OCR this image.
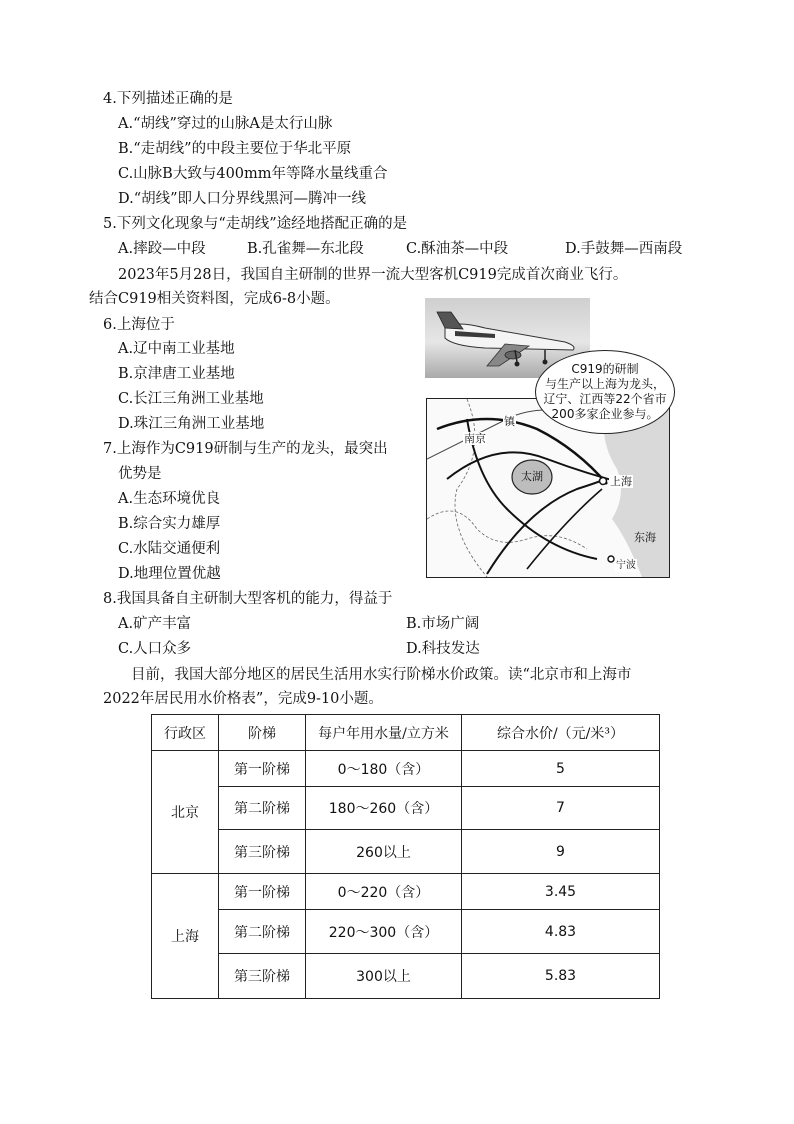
4.下列描述正确的是
A.“胡线”穿过的山脉A是太行山脉
B.“走胡线”的中段主要位于华北平原
C.山脉B大致与400mm年等降水量线重合
D.“胡线”即人口分界线黑河—腾冲一线
5.下列文化现象与“走胡线”途经地搭配正确的是
A.摔跤—中段	B.孔雀舞—东北段	C.酥油茶—中段	D.手鼓舞—西南段
2023年5月28日，我国自主研制的世界一流大型客机C919完成首次商业飞行。
结合C919相关资料图，完成6-8小题。
6.上海位于
A.辽中南工业基地
B.京津唐工业基地
C.长江三角洲工业基地
D.珠江三角洲工业基地
7.上海作为C919研制与生产的龙头，最突出
优势是
A.生态环境优良
B.综合实力雄厚
C.水陆交通便利
D.地理位置优越
8.我国具备自主研制大型客机的能力，得益于
A.矿产丰富	B.市场广阔
C.人口众多	D.科技发达
南京
镇
太湖	上海
东海
宁波
C919的研制
与生产以上海为龙头，
辽宁、江西等22个省市
200多家企业参与。
目前，我国大部分地区的居民生活用水实行阶梯水价政策。读“北京市和上海市
2022年居民用水价格表”，完成9-10小题。
行政区	阶梯	每户年用水量/立方米	综合水价/（元/米³）
北京	第一阶梯	0～180（含）	5
	第二阶梯	180～260（含）	7
	第三阶梯	260以上	9
上海	第一阶梯	0～220（含）	3.45
	第二阶梯	220～300（含）	4.83
	第三阶梯	300以上	5.83
